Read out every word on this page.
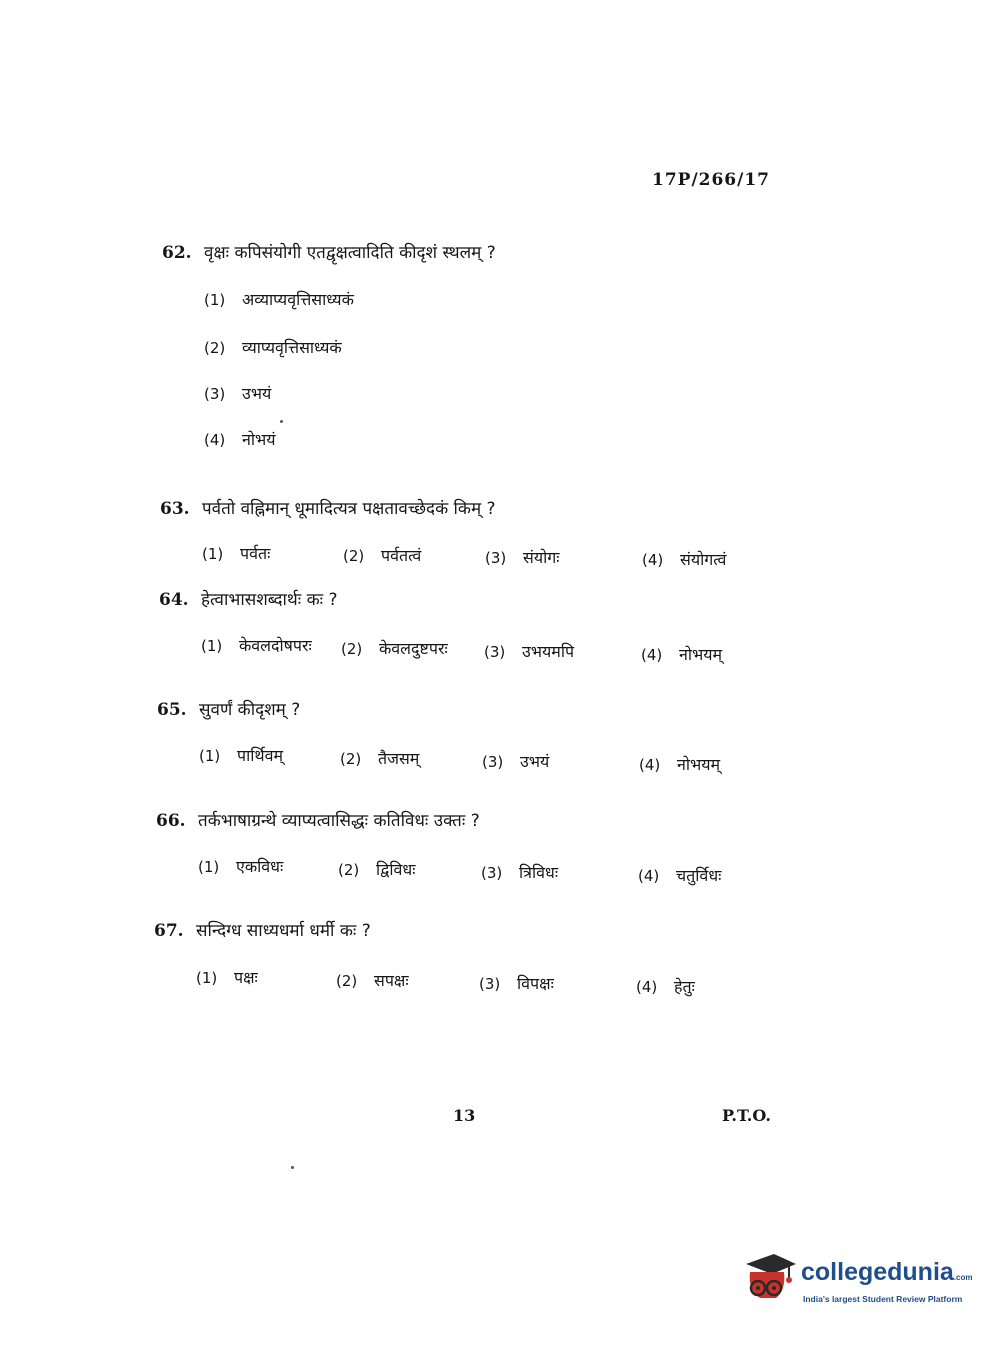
17P/266/17
62. वृक्षः कपिसंयोगी एतद्वृक्षत्वादिति कीदृशं स्थलम् ?
(1) अव्याप्यवृत्तिसाध्यकं
(2) व्याप्यवृत्तिसाध्यकं
(3) उभयं
(4) नोभयं
63. पर्वतो वह्निमान् धूमादित्यत्र पक्षतावच्छेदकं किम् ?
(1) पर्वतः	(2) पर्वतत्वं	(3) संयोगः	(4) संयोगत्वं
64. हेत्वाभासशब्दार्थः कः ?
(1) केवलदोषपरः (2) केवलदुष्टपरः (3) उभयमपि	(4) नोभयम्
65. सुवर्णं कीदृशम् ?
(1) पार्थिवम्	(2) तैजसम्	(3) उभयं	(4) नोभयम्
66. तर्कभाषाग्रन्थे व्याप्यत्वासिद्धः कतिविधः उक्तः ?
(1) एकविधः	(2) द्विविधः	(3) त्रिविधः	(4) चतुर्विधः
67. सन्दिग्ध साध्यधर्मा धर्मी कः ?
(1) पक्षः	(2) सपक्षः	(3) विपक्षः	(4) हेतुः
13	P.T.O.
collegedunia.com
India's largest Student Review Platform
